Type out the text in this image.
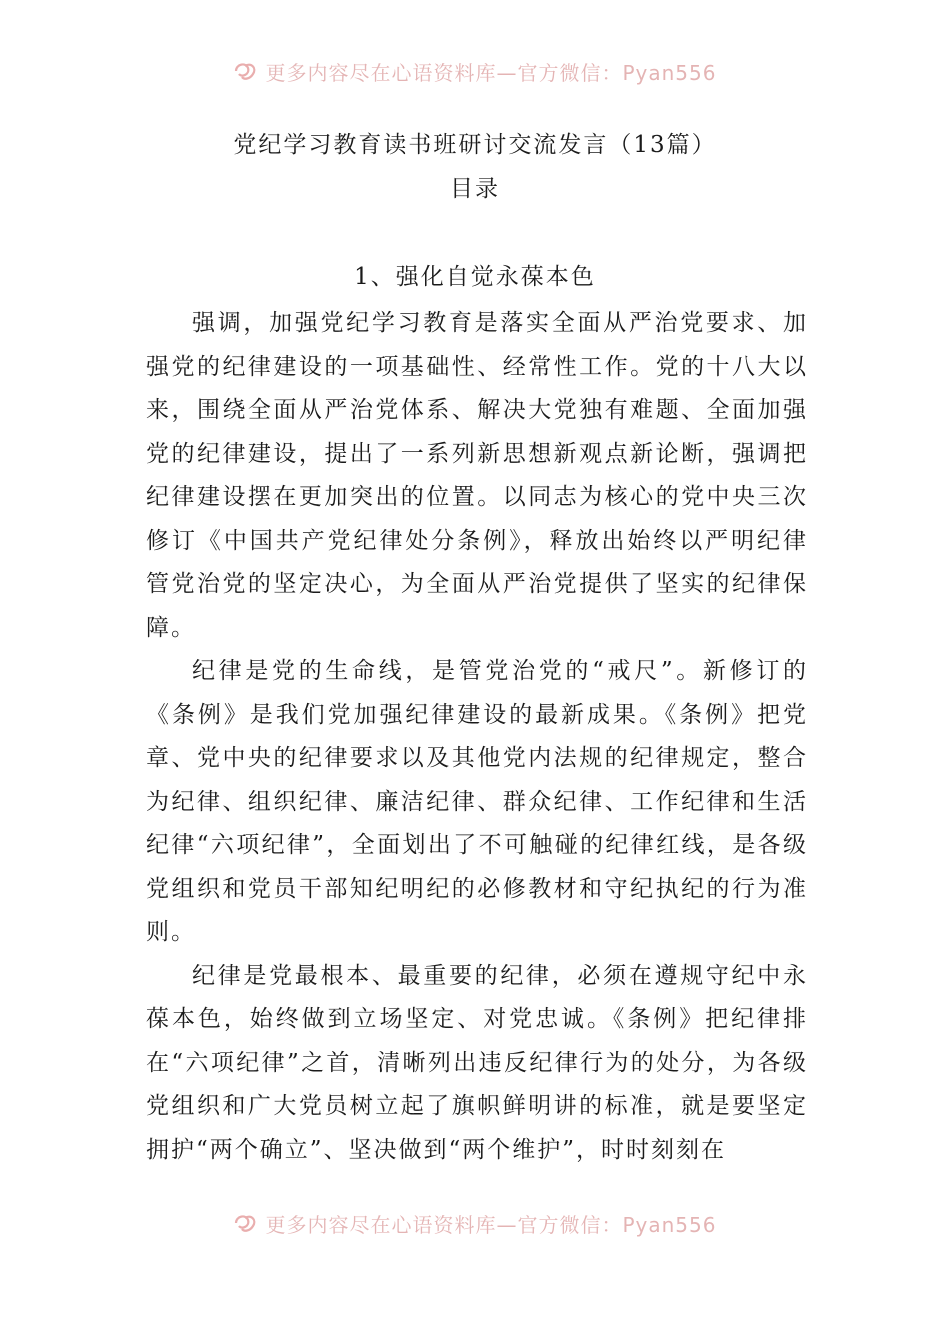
更多内容尽在心语资料库—官方微信：Pyan556
党纪学习教育读书班研讨交流发言（13篇）
目录
1、强化自觉永葆本色

强调，加强党纪学习教育是落实全面从严治党要求、加强党的纪律建设的一项基础性、经常性工作。党的十八大以来，围绕全面从严治党体系、解决大党独有难题、全面加强党的纪律建设，提出了一系列新思想新观点新论断，强调把纪律建设摆在更加突出的位置。以同志为核心的党中央三次修订《中国共产党纪律处分条例》，释放出始终以严明纪律管党治党的坚定决心，为全面从严治党提供了坚实的纪律保障。

纪律是党的生命线，是管党治党的“戒尺”。新修订的《条例》是我们党加强纪律建设的最新成果。《条例》把党章、党中央的纪律要求以及其他党内法规的纪律规定，整合为纪律、组织纪律、廉洁纪律、群众纪律、工作纪律和生活纪律“六项纪律”，全面划出了不可触碰的纪律红线，是各级党组织和党员干部知纪明纪的必修教材和守纪执纪的行为准则。

纪律是党最根本、最重要的纪律，必须在遵规守纪中永葆本色，始终做到立场坚定、对党忠诚。《条例》把纪律排在“六项纪律”之首，清晰列出违反纪律行为的处分，为各级党组织和广大党员树立起了旗帜鲜明讲的标准，就是要坚定拥护“两个确立”、坚决做到“两个维护”，时时刻刻在

更多内容尽在心语资料库—官方微信：Pyan556
